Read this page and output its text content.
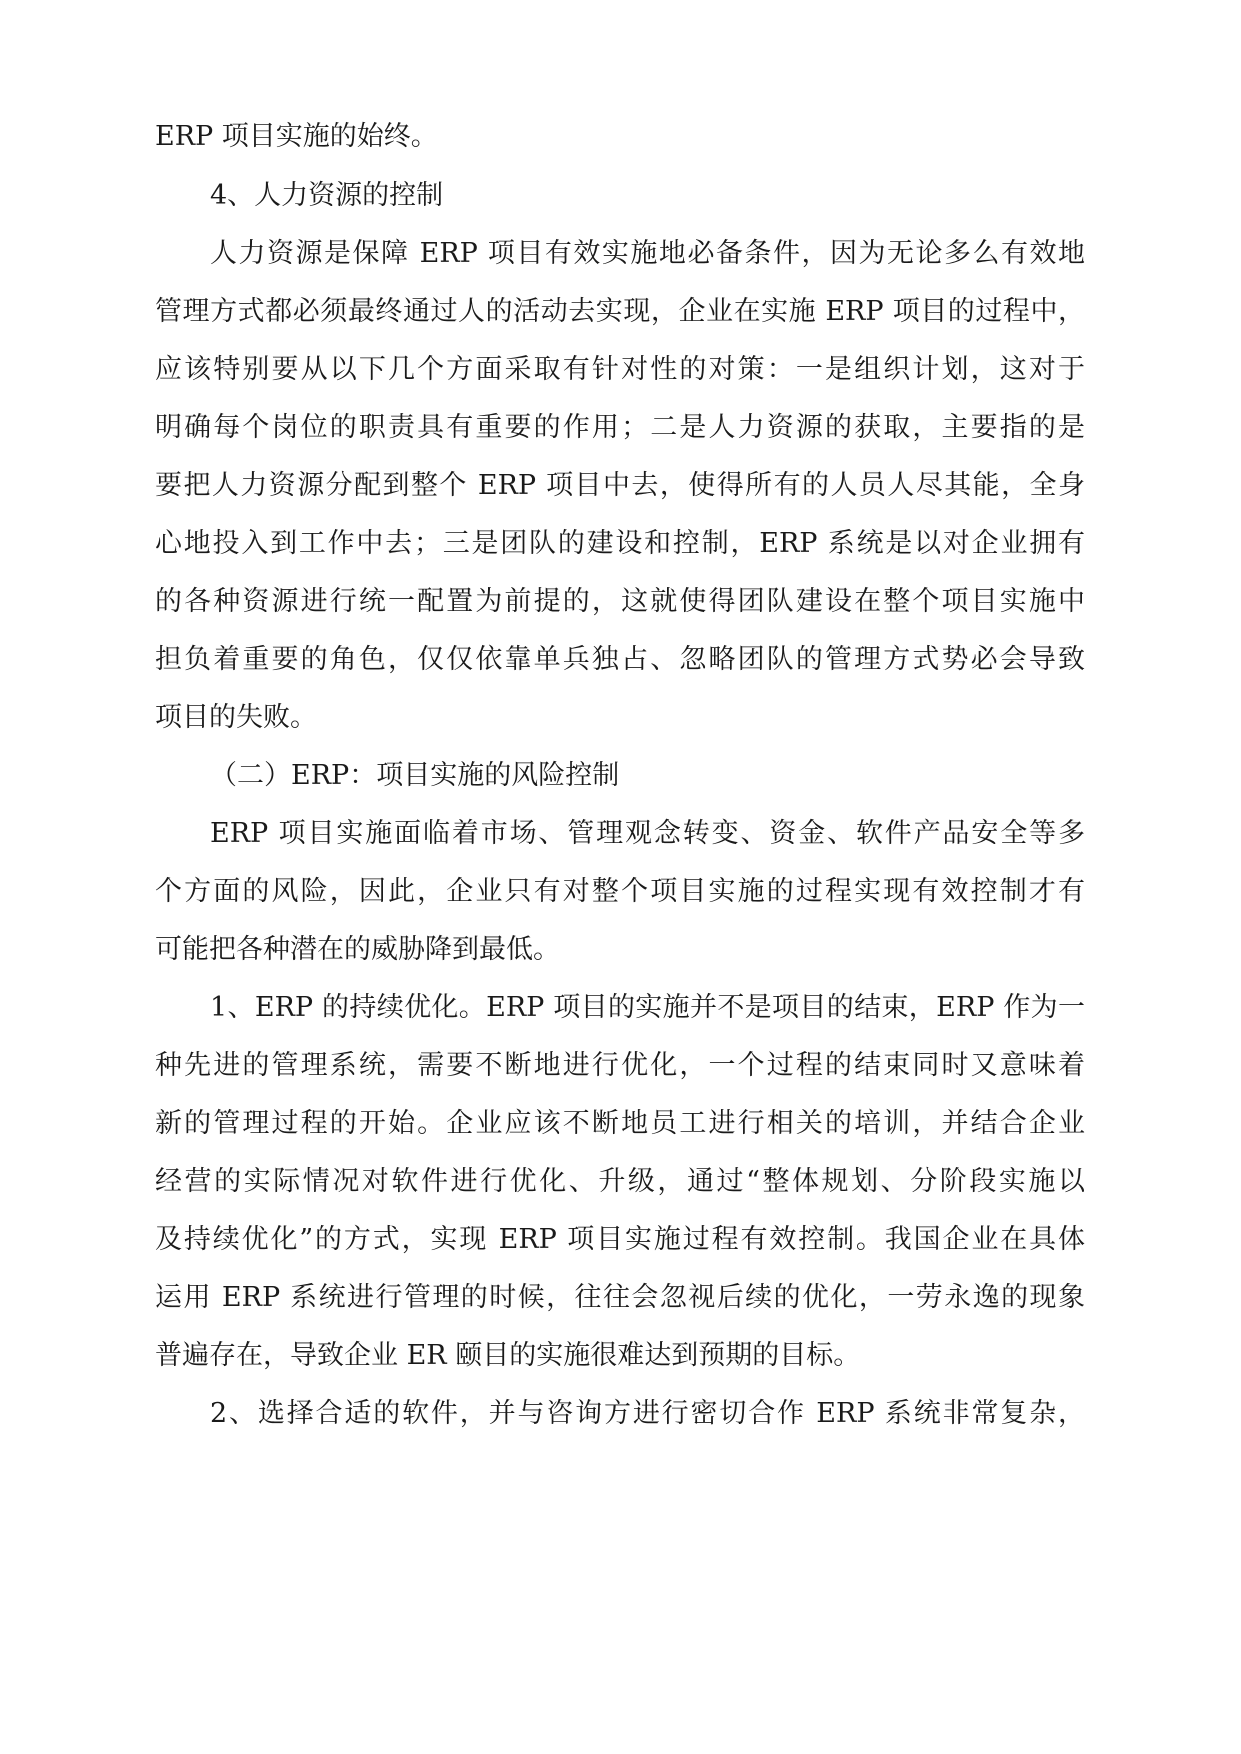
ERP 项目实施的始终。
4、人力资源的控制
人力资源是保障 ERP 项目有效实施地必备条件，因为无论多么有效地
管理方式都必须最终通过人的活动去实现，企业在实施 ERP 项目的过程中，
应该特别要从以下几个方面采取有针对性的对策：一是组织计划，这对于
明确每个岗位的职责具有重要的作用；二是人力资源的获取，主要指的是
要把人力资源分配到整个 ERP 项目中去，使得所有的人员人尽其能，全身
心地投入到工作中去；三是团队的建设和控制，ERP 系统是以对企业拥有
的各种资源进行统一配置为前提的，这就使得团队建设在整个项目实施中
担负着重要的角色，仅仅依靠单兵独占、忽略团队的管理方式势必会导致
项目的失败。
（二）ERP：项目实施的风险控制
ERP 项目实施面临着市场、管理观念转变、资金、软件产品安全等多
个方面的风险，因此，企业只有对整个项目实施的过程实现有效控制才有
可能把各种潜在的威胁降到最低。
1、ERP 的持续优化。ERP 项目的实施并不是项目的结束，ERP 作为一
种先进的管理系统，需要不断地进行优化，一个过程的结束同时又意味着
新的管理过程的开始。企业应该不断地员工进行相关的培训，并结合企业
经营的实际情况对软件进行优化、升级，通过“整体规划、分阶段实施以
及持续优化”的方式，实现 ERP 项目实施过程有效控制。我国企业在具体
运用 ERP 系统进行管理的时候，往往会忽视后续的优化，一劳永逸的现象
普遍存在，导致企业 ER 颐目的实施很难达到预期的目标。
2、选择合适的软件，并与咨询方进行密切合作 ERP 系统非常复杂，
